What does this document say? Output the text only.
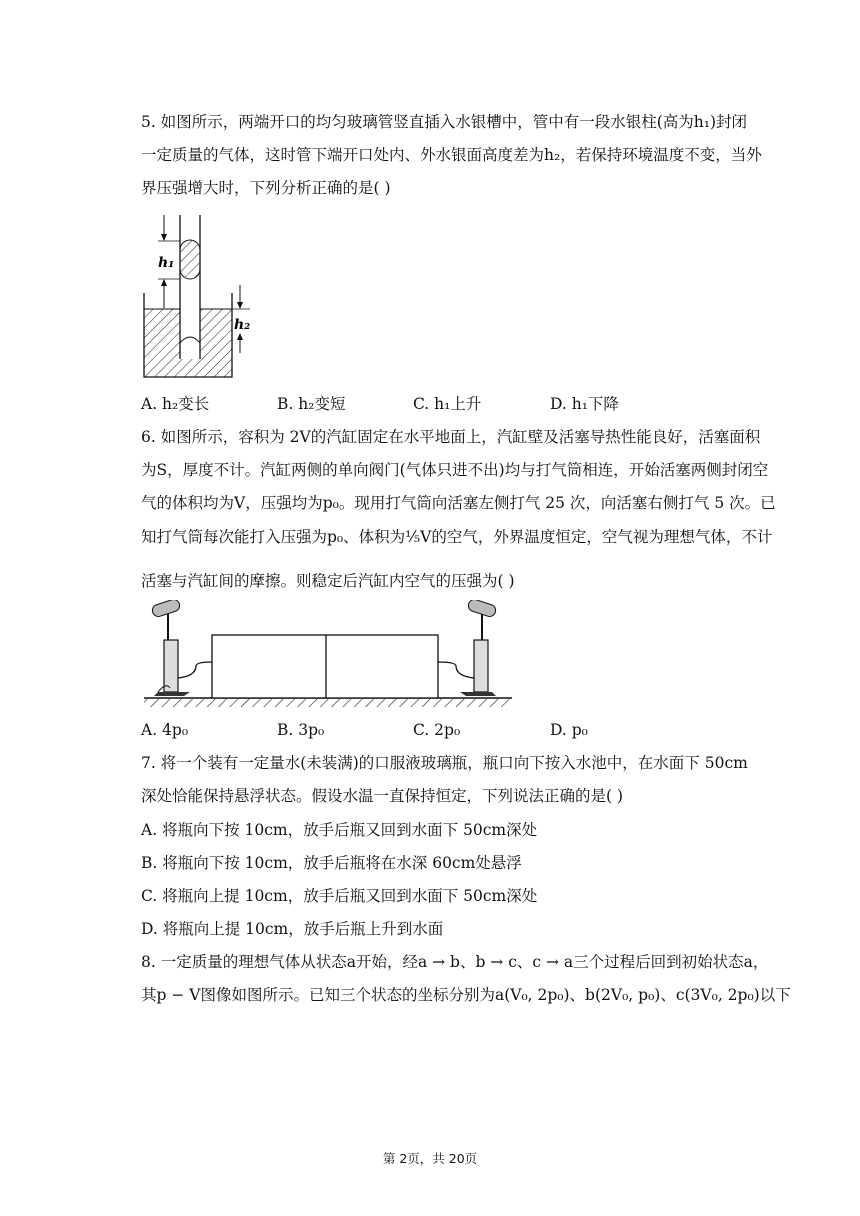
5. 如图所示，两端开口的均匀玻璃管竖直插入水银槽中，管中有一段水银柱(高为h₁)封闭
一定质量的气体，这时管下端开口处内、外水银面高度差为h₂，若保持环境温度不变，当外
界压强增大时，下列分析正确的是( )
h₁
h₂
A. h₂变长	B. h₂变短	C. h₁上升	D. h₁下降
6. 如图所示，容积为 2V的汽缸固定在水平地面上，汽缸壁及活塞导热性能良好，活塞面积
为S，厚度不计。汽缸两侧的单向阀门(气体只进不出)均与打气筒相连，开始活塞两侧封闭空
气的体积均为V，压强均为p₀。现用打气筒向活塞左侧打气 25 次，向活塞右侧打气 5 次。已
知打气筒每次能打入压强为p₀、体积为⅕V的空气，外界温度恒定，空气视为理想气体，不计
活塞与汽缸间的摩擦。则稳定后汽缸内空气的压强为( )
A. 4p₀	B. 3p₀	C. 2p₀	D. p₀
7. 将一个装有一定量水(未装满)的口服液玻璃瓶，瓶口向下按入水池中，在水面下 50cm
深处恰能保持悬浮状态。假设水温一直保持恒定，下列说法正确的是( )
A. 将瓶向下按 10cm，放手后瓶又回到水面下 50cm深处
B. 将瓶向下按 10cm，放手后瓶将在水深 60cm处悬浮
C. 将瓶向上提 10cm，放手后瓶又回到水面下 50cm深处
D. 将瓶向上提 10cm，放手后瓶上升到水面
8. 一定质量的理想气体从状态a开始，经a → b、b → c、c → a三个过程后回到初始状态a，
其p − V图像如图所示。已知三个状态的坐标分别为a(V₀, 2p₀)、b(2V₀, p₀)、c(3V₀, 2p₀)以下
第 2页，共 20页
